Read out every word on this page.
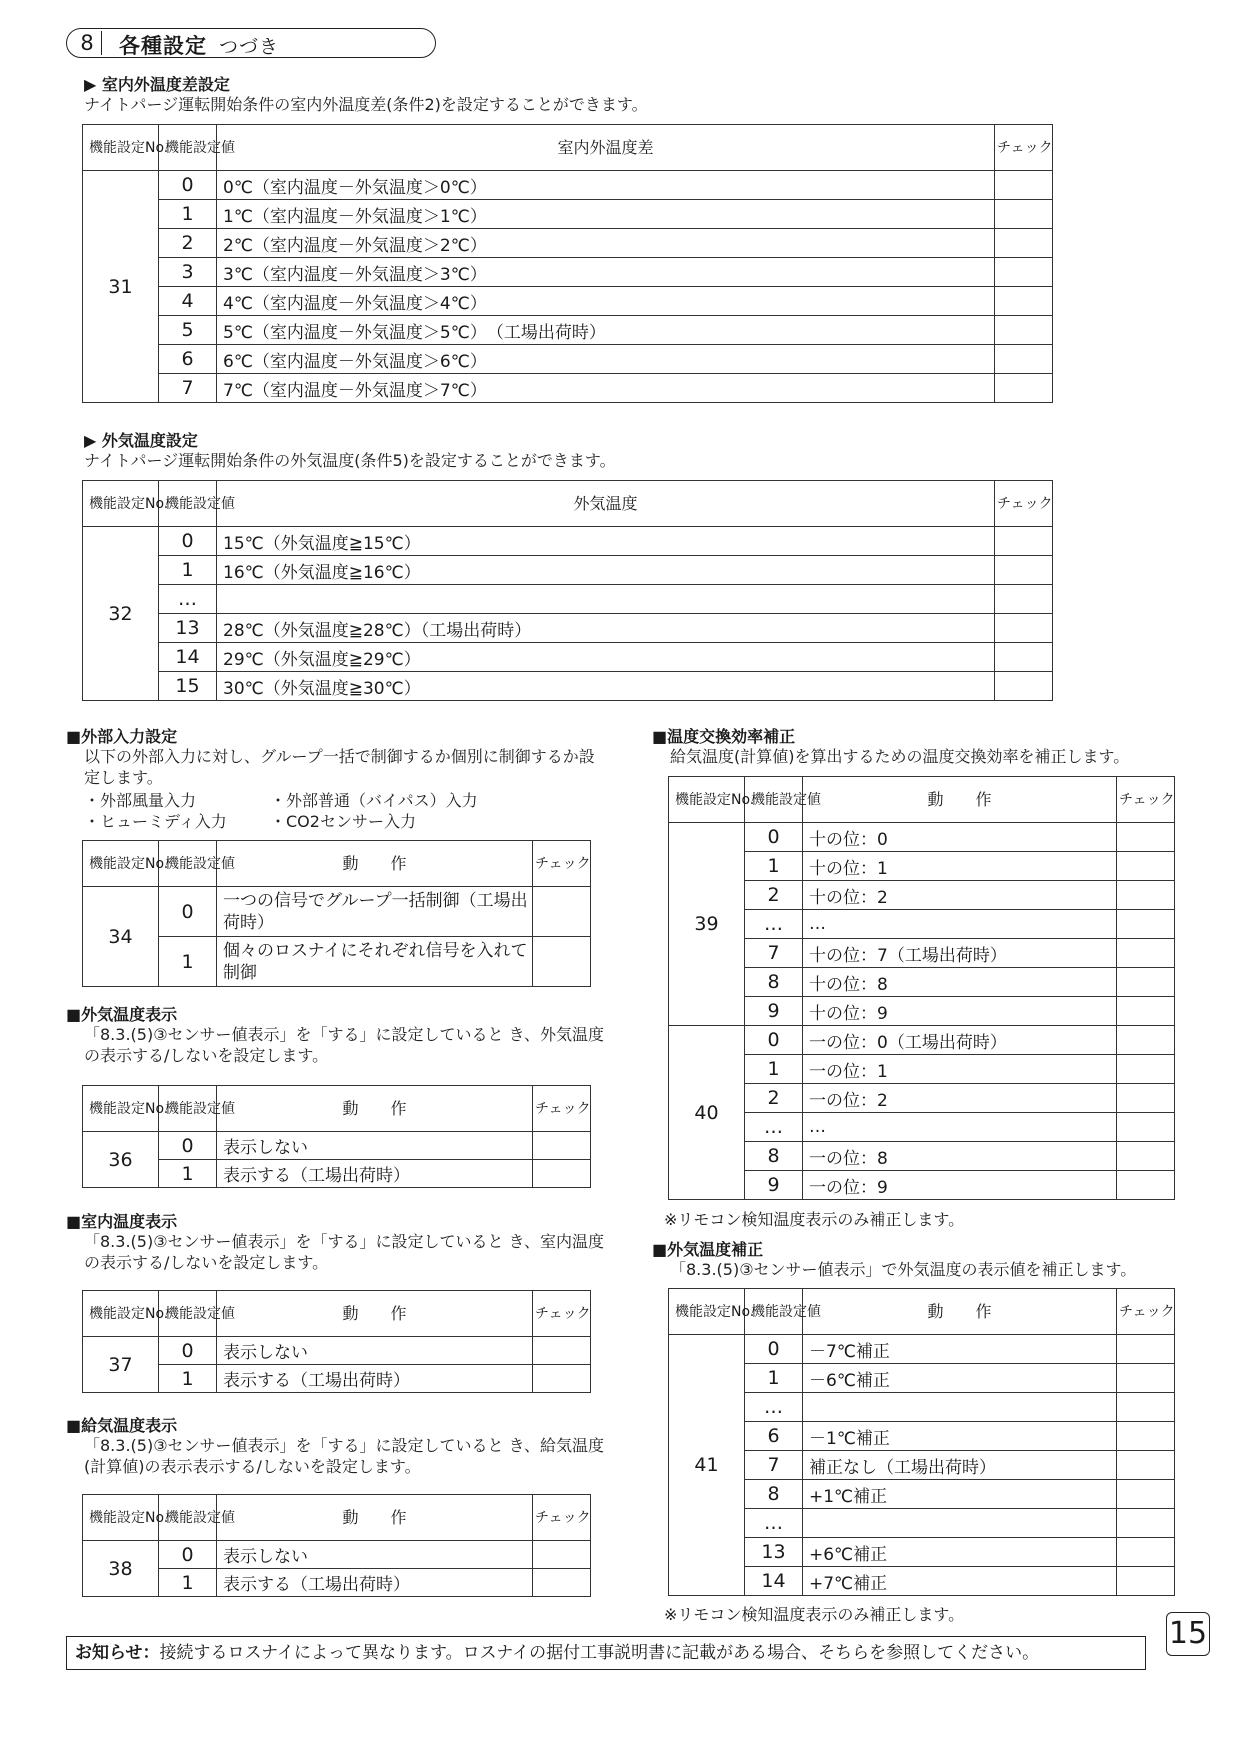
8	各種設定 つづき
▶ 室内外温度差設定
ナイトパージ運転開始条件の室内外温度差(条件2)を設定することができます。
機能設定No.	機能設定値	室内外温度差	チェック
31	0	0℃（室内温度－外気温度＞0℃）	
	1	1℃（室内温度－外気温度＞1℃）	
	2	2℃（室内温度－外気温度＞2℃）	
	3	3℃（室内温度－外気温度＞3℃）	
	4	4℃（室内温度－外気温度＞4℃）	
	5	5℃（室内温度－外気温度＞5℃）　（工場出荷時）	
	6	6℃（室内温度－外気温度＞6℃）	
	7	7℃（室内温度－外気温度＞7℃）	
▶ 外気温度設定
ナイトパージ運転開始条件の外気温度(条件5)を設定することができます。
機能設定No.	機能設定値	外気温度	チェック
32	0	15℃（外気温度≧15℃）	
	1	16℃（外気温度≧16℃）	
	…		
	13	28℃（外気温度≧28℃）（工場出荷時）	
	14	29℃（外気温度≧29℃）	
	15	30℃（外気温度≧30℃）	
■外部入力設定
以下の外部入力に対し、グループ一括で制御するか個別に制御するか設定します。
・外部風量入力	・外部普通（バイパス）入力
・ヒューミディ入力	・CO2センサー入力
機能設定No.	機能設定値	動　　作	チェック
34	0	一つの信号でグループ一括制御（工場出荷時）	
	1	個々のロスナイにそれぞれ信号を入れて制御	
■外気温度表示
「8.3.(5)③センサー値表示」を「する」に設定していると き、外気温度の表示する/しないを設定します。
機能設定No.	機能設定値	動　　作	チェック
36	0	表示しない	
	1	表示する（工場出荷時）	
■室内温度表示
「8.3.(5)③センサー値表示」を「する」に設定していると き、室内温度の表示する/しないを設定します。
機能設定No.	機能設定値	動　　作	チェック
37	0	表示しない	
	1	表示する（工場出荷時）	
■給気温度表示
「8.3.(5)③センサー値表示」を「する」に設定していると き、給気温度(計算値)の表示表示する/しないを設定します。
機能設定No.	機能設定値	動　　作	チェック
38	0	表示しない	
	1	表示する（工場出荷時）	
■温度交換効率補正
給気温度(計算値)を算出するための温度交換効率を補正します。
機能設定No.	機能設定値	動　　作	チェック
39	0	十の位：0	
	1	十の位：1	
	2	十の位：2	
	…	…	
	7	十の位：7（工場出荷時）	
	8	十の位：8	
	9	十の位：9	
40	0	一の位：0（工場出荷時）	
	1	一の位：1	
	2	一の位：2	
	…	…	
	8	一の位：8	
	9	一の位：9	
※リモコン検知温度表示のみ補正します。
■外気温度補正
「8.3.(5)③センサー値表示」で外気温度の表示値を補正します。
機能設定No.	機能設定値	動　　作	チェック
41	0	－7℃補正	
	1	－6℃補正	
	…		
	6	－1℃補正	
	7	補正なし（工場出荷時）	
	8	+1℃補正	
	…		
	13	+6℃補正	
	14	+7℃補正	
※リモコン検知温度表示のみ補正します。
お知らせ：接続するロスナイによって異なります。ロスナイの据付工事説明書に記載がある場合、そちらを参照してください。
15
